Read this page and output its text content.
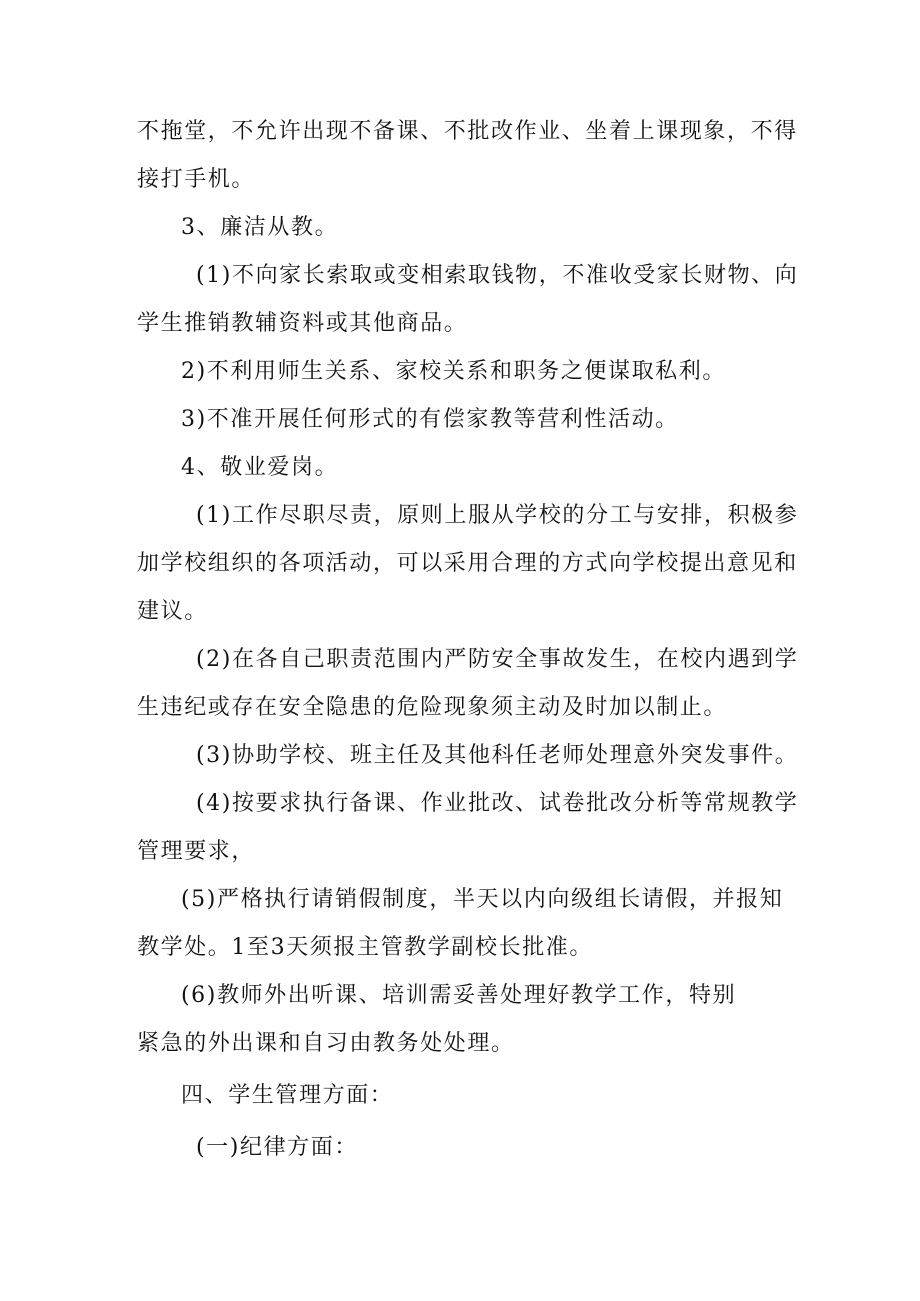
不拖堂，不允许出现不备课、不批改作业、坐着上课现象，不得
接打手机。
3、廉洁从教。
(1)不向家长索取或变相索取钱物，不准收受家长财物、向
学生推销教辅资料或其他商品。
2)不利用师生关系、家校关系和职务之便谋取私利。
3)不准开展任何形式的有偿家教等营利性活动。
4、敬业爱岗。
(1)工作尽职尽责，原则上服从学校的分工与安排，积极参
加学校组织的各项活动，可以采用合理的方式向学校提出意见和
建议。
(2)在各自己职责范围内严防安全事故发生，在校内遇到学
生违纪或存在安全隐患的危险现象须主动及时加以制止。
(3)协助学校、班主任及其他科任老师处理意外突发事件。
(4)按要求执行备课、作业批改、试卷批改分析等常规教学
管理要求，
(5)严格执行请销假制度，半天以内向级组长请假，并报知
教学处。1至3天须报主管教学副校长批准。
(6)教师外出听课、培训需妥善处理好教学工作，特别
紧急的外出课和自习由教务处处理。
四、学生管理方面：
(一)纪律方面：
